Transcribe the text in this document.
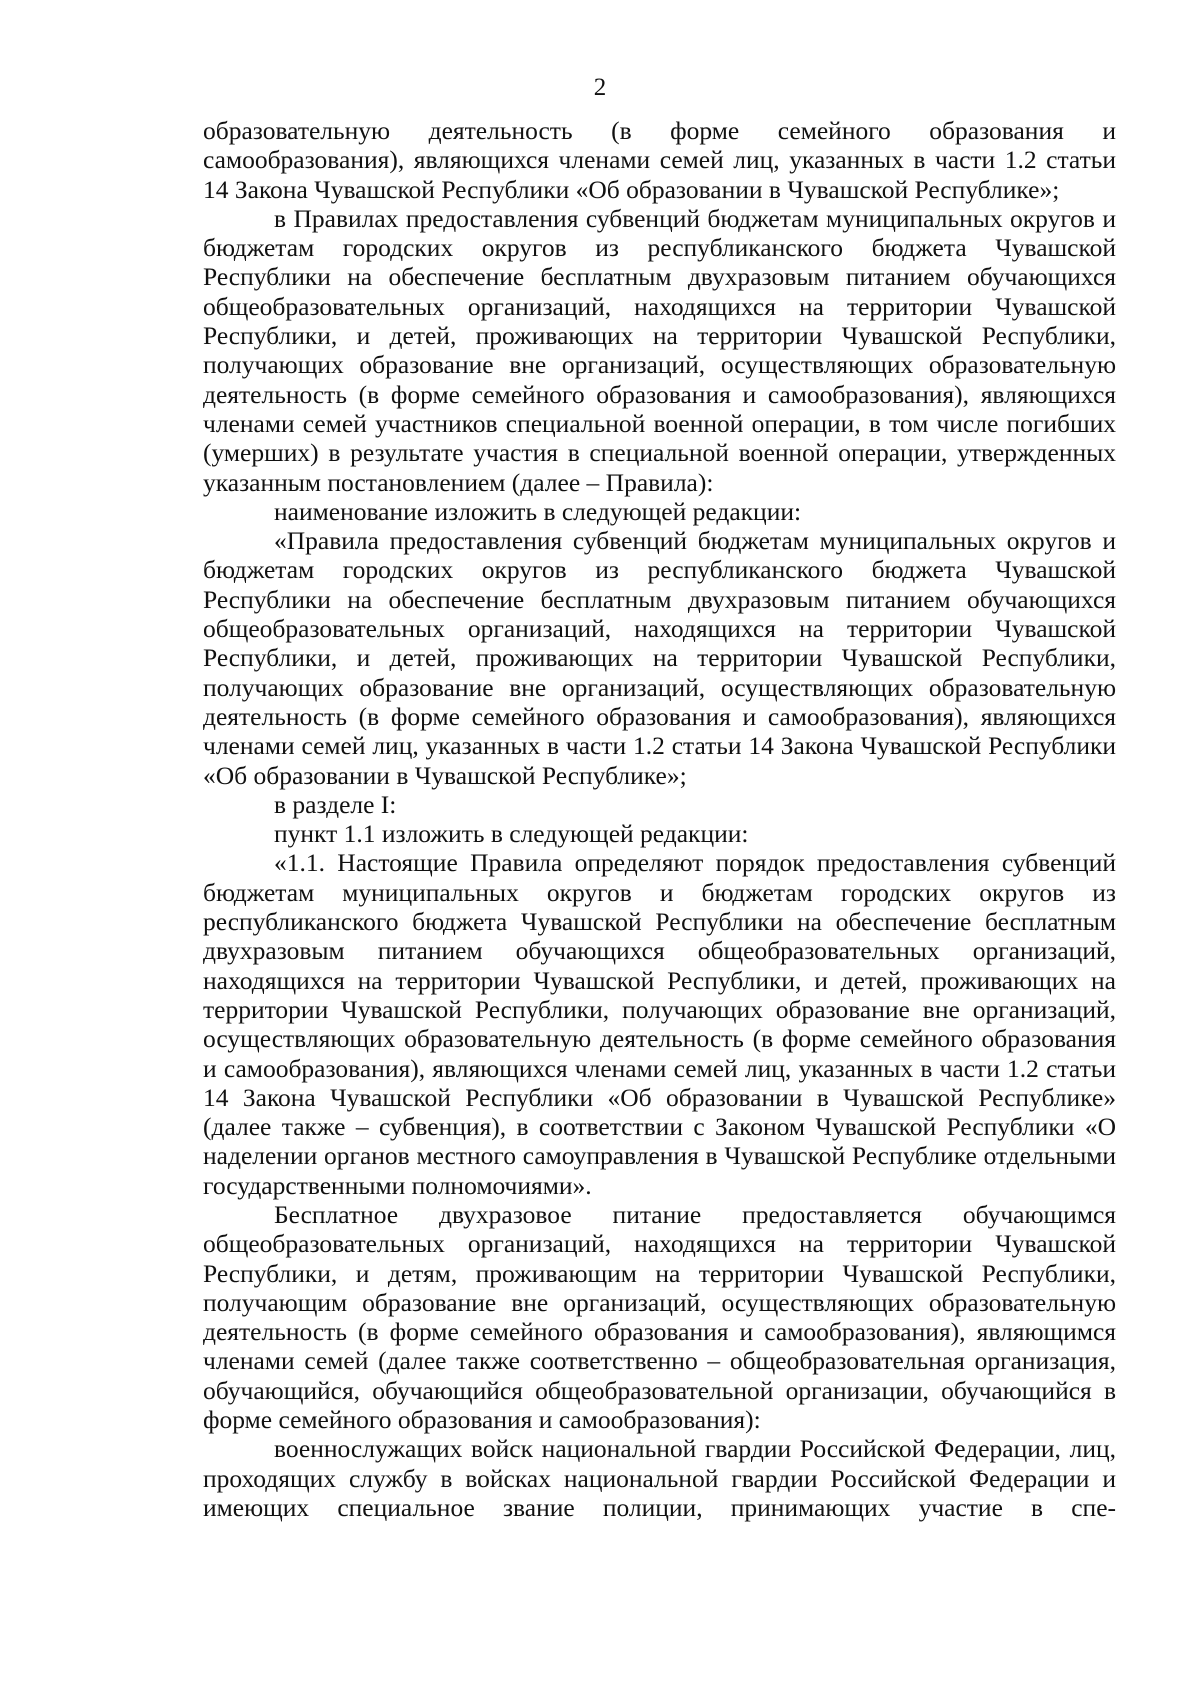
2

образовательную деятельность (в форме семейного образования и самообразования), являющихся членами семей лиц, указанных в части 1.2 статьи 14 Закона Чувашской Республики «Об образовании в Чувашской Республике»;

в Правилах предоставления субвенций бюджетам муниципальных округов и бюджетам городских округов из республиканского бюджета Чувашской Республики на обеспечение бесплатным двухразовым питанием обучающихся общеобразовательных организаций, находящихся на территории Чувашской Республики, и детей, проживающих на территории Чувашской Республики, получающих образование вне организаций, осуществляющих образовательную деятельность (в форме семейного образования и самообразования), являющихся членами семей участников специальной военной операции, в том числе погибших (умерших) в результате участия в специальной военной операции, утвержденных указанным постановлением (далее – Правила):

наименование изложить в следующей редакции:

«Правила предоставления субвенций бюджетам муниципальных округов и бюджетам городских округов из республиканского бюджета Чувашской Республики на обеспечение бесплатным двухразовым питанием обучающихся общеобразовательных организаций, находящихся на территории Чувашской Республики, и детей, проживающих на территории Чувашской Республики, получающих образование вне организаций, осуществляющих образовательную деятельность (в форме семейного образования и самообразования), являющихся членами семей лиц, указанных в части 1.2 статьи 14 Закона Чувашской Республики «Об образовании в Чувашской Республике»;

в разделе I:

пункт 1.1 изложить в следующей редакции:

«1.1. Настоящие Правила определяют порядок предоставления субвенций бюджетам муниципальных округов и бюджетам городских округов из республиканского бюджета Чувашской Республики на обеспечение бесплатным двухразовым питанием обучающихся общеобразовательных организаций, находящихся на территории Чувашской Республики, и детей, проживающих на территории Чувашской Республики, получающих образование вне организаций, осуществляющих образовательную деятельность (в форме семейного образования и самообразования), являющихся членами семей лиц, указанных в части 1.2 статьи 14 Закона Чувашской Республики «Об образовании в Чувашской Республике» (далее также – субвенция), в соответствии с Законом Чувашской Республики «О наделении органов местного самоуправления в Чувашской Республике отдельными государственными полномочиями».

Бесплатное двухразовое питание предоставляется обучающимся общеобразовательных организаций, находящихся на территории Чувашской Республики, и детям, проживающим на территории Чувашской Республики, получающим образование вне организаций, осуществляющих образовательную деятельность (в форме семейного образования и самообразования), являющимся членами семей (далее также соответственно – общеобразовательная организация, обучающийся, обучающийся общеобразовательной организации, обучающийся в форме семейного образования и самообразования):

военнослужащих войск национальной гвардии Российской Федерации, лиц, проходящих службу в войсках национальной гвардии Российской Федерации и имеющих специальное звание полиции, принимающих участие в спе-
